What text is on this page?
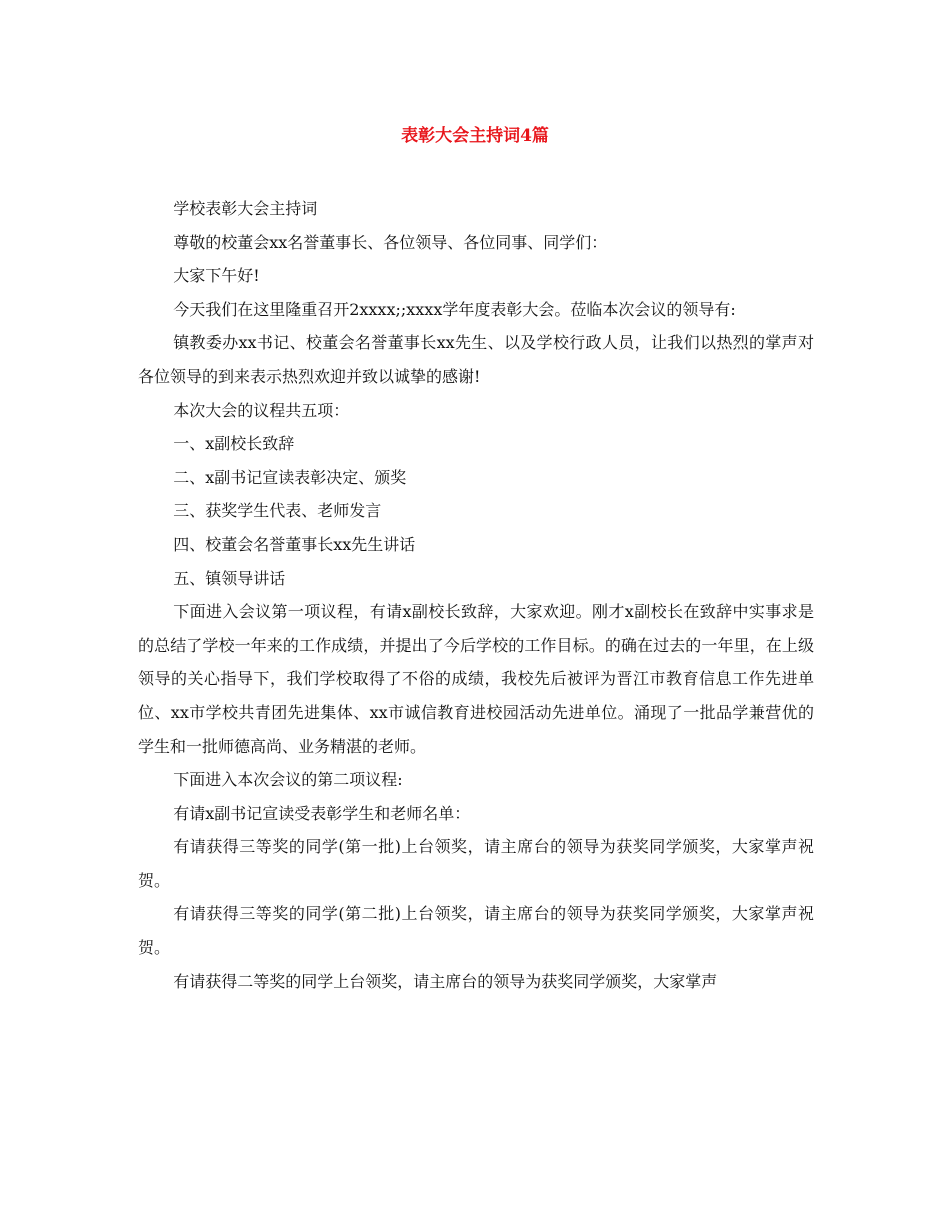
表彰大会主持词4篇

学校表彰大会主持词

尊敬的校董会xx名誉董事长、各位领导、各位同事、同学们：

大家下午好!

今天我们在这里隆重召开2xxxx;;xxxx学年度表彰大会。莅临本次会议的领导有:

镇教委办xx书记、校董会名誉董事长xx先生、以及学校行政人员，让我们以热烈的掌声对各位领导的到来表示热烈欢迎并致以诚挚的感谢!

本次大会的议程共五项：

一、x副校长致辞

二、x副书记宣读表彰决定、颁奖

三、获奖学生代表、老师发言

四、校董会名誉董事长xx先生讲话

五、镇领导讲话

下面进入会议第一项议程，有请x副校长致辞，大家欢迎。刚才x副校长在致辞中实事求是的总结了学校一年来的工作成绩，并提出了今后学校的工作目标。的确在过去的一年里，在上级领导的关心指导下，我们学校取得了不俗的成绩，我校先后被评为晋江市教育信息工作先进单位、xx市学校共青团先进集体、xx市诚信教育进校园活动先进单位。涌现了一批品学兼营优的学生和一批师德高尚、业务精湛的老师。

下面进入本次会议的第二项议程:

有请x副书记宣读受表彰学生和老师名单：

有请获得三等奖的同学(第一批)上台领奖，请主席台的领导为获奖同学颁奖，大家掌声祝贺。

有请获得三等奖的同学(第二批)上台领奖，请主席台的领导为获奖同学颁奖，大家掌声祝贺。

有请获得二等奖的同学上台领奖，请主席台的领导为获奖同学颁奖，大家掌声
